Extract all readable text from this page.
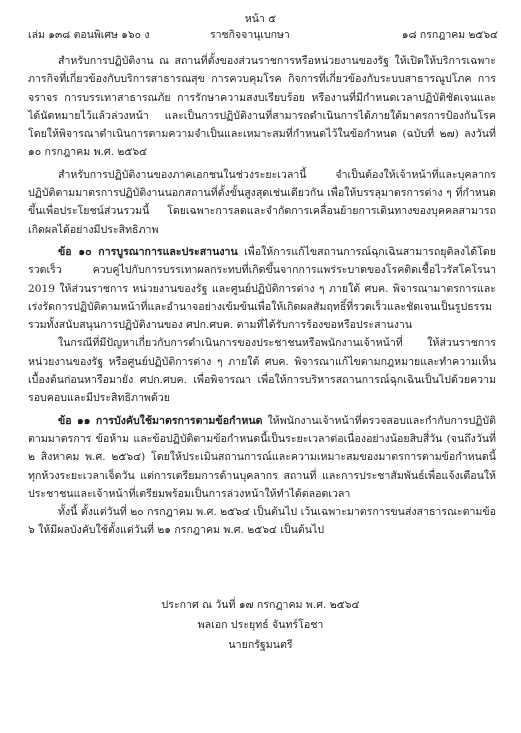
หน้า ๕
เล่ม ๑๓๘ ตอนพิเศษ ๑๖๐ ง	ราชกิจจานุเบกษา	๑๘ กรกฎาคม ๒๕๖๔

สำหรับการปฏิบัติงาน ณ สถานที่ตั้งของส่วนราชการหรือหน่วยงานของรัฐ ให้เปิดให้บริการเฉพาะภารกิจที่เกี่ยวข้องกับบริการสาธารณสุข การควบคุมโรค กิจการที่เกี่ยวข้องกับระบบสาธารณูปโภค การจราจร การบรรเทาสาธารณภัย การรักษาความสงบเรียบร้อย หรืองานที่มีกำหนดเวลาปฏิบัติชัดเจนและได้นัดหมายไว้แล้วล่วงหน้า และเป็นการปฏิบัติงานที่สามารถดำเนินการได้ภายใต้มาตรการป้องกันโรคโดยให้พิจารณาดำเนินการตามความจำเป็นและเหมาะสมที่กำหนดไว้ในข้อกำหนด (ฉบับที่ ๒๗) ลงวันที่ ๑๐ กรกฎาคม พ.ศ. ๒๕๖๔

สำหรับการปฏิบัติงานของภาคเอกชนในช่วงระยะเวลานี้ จำเป็นต้องให้เจ้าหน้าที่และบุคลากรปฏิบัติตามมาตรการปฏิบัติงานนอกสถานที่ตั้งขั้นสูงสุดเช่นเดียวกัน เพื่อให้บรรลุมาตรการต่าง ๆ ที่กำหนดขึ้นเพื่อประโยชน์ส่วนรวมนี้ โดยเฉพาะการลดและจำกัดการเคลื่อนย้ายการเดินทางของบุคคลสามารถเกิดผลได้อย่างมีประสิทธิภาพ

ข้อ ๑๐ การบูรณาการและประสานงาน เพื่อให้การแก้ไขสถานการณ์ฉุกเฉินสามารถยุติลงได้โดยรวดเร็ว ควบคู่ไปกับการบรรเทาผลกระทบที่เกิดขึ้นจากการแพร่ระบาดของโรคติดเชื้อไวรัสโคโรนา 2019 ให้ส่วนราชการ หน่วยงานของรัฐ และศูนย์ปฏิบัติการต่าง ๆ ภายใต้ ศบค. พิจารณามาตรการและเร่งรัดการปฏิบัติตามหน้าที่และอำนาจอย่างเข้มข้นเพื่อให้เกิดผลสัมฤทธิ์ที่รวดเร็วและชัดเจนเป็นรูปธรรม รวมทั้งสนับสนุนการปฏิบัติงานของ ศปก.ศบค. ตามที่ได้รับการร้องขอหรือประสานงาน

ในกรณีที่มีปัญหาเกี่ยวกับการดำเนินการของประชาชนหรือพนักงานเจ้าหน้าที่ ให้ส่วนราชการ หน่วยงานของรัฐ หรือศูนย์ปฏิบัติการต่าง ๆ ภายใต้ ศบค. พิจารณาแก้ไขตามกฎหมายและทำความเห็นเบื้องต้นก่อนหารือมายัง ศปก.ศบค. เพื่อพิจารณา เพื่อให้การบริหารสถานการณ์ฉุกเฉินเป็นไปด้วยความรอบคอบและมีประสิทธิภาพด้วย

ข้อ ๑๑ การบังคับใช้มาตรการตามข้อกำหนด ให้พนักงานเจ้าหน้าที่ตรวจสอบและกำกับการปฏิบัติตามมาตรการ ข้อห้าม และข้อปฏิบัติตามข้อกำหนดนี้เป็นระยะเวลาต่อเนื่องอย่างน้อยสิบสี่วัน (จนถึงวันที่ ๒ สิงหาคม พ.ศ. ๒๕๖๔) โดยให้ประเมินสถานการณ์และความเหมาะสมของมาตรการตามข้อกำหนดนี้ทุกห้วงระยะเวลาเจ็ดวัน แต่การเตรียมการด้านบุคลากร สถานที่ และการประชาสัมพันธ์เพื่อแจ้งเตือนให้ประชาชนและเจ้าหน้าที่เตรียมพร้อมเป็นการล่วงหน้าให้ทำได้ตลอดเวลา

ทั้งนี้ ตั้งแต่วันที่ ๒๐ กรกฎาคม พ.ศ. ๒๕๖๔ เป็นต้นไป เว้นเฉพาะมาตรการขนส่งสาธารณะตามข้อ ๖ ให้มีผลบังคับใช้ตั้งแต่วันที่ ๒๑ กรกฎาคม พ.ศ. ๒๕๖๔ เป็นต้นไป

ประกาศ ณ วันที่ ๑๗ กรกฎาคม พ.ศ. ๒๕๖๔
พลเอก ประยุทธ์ จันทร์โอชา
นายกรัฐมนตรี
